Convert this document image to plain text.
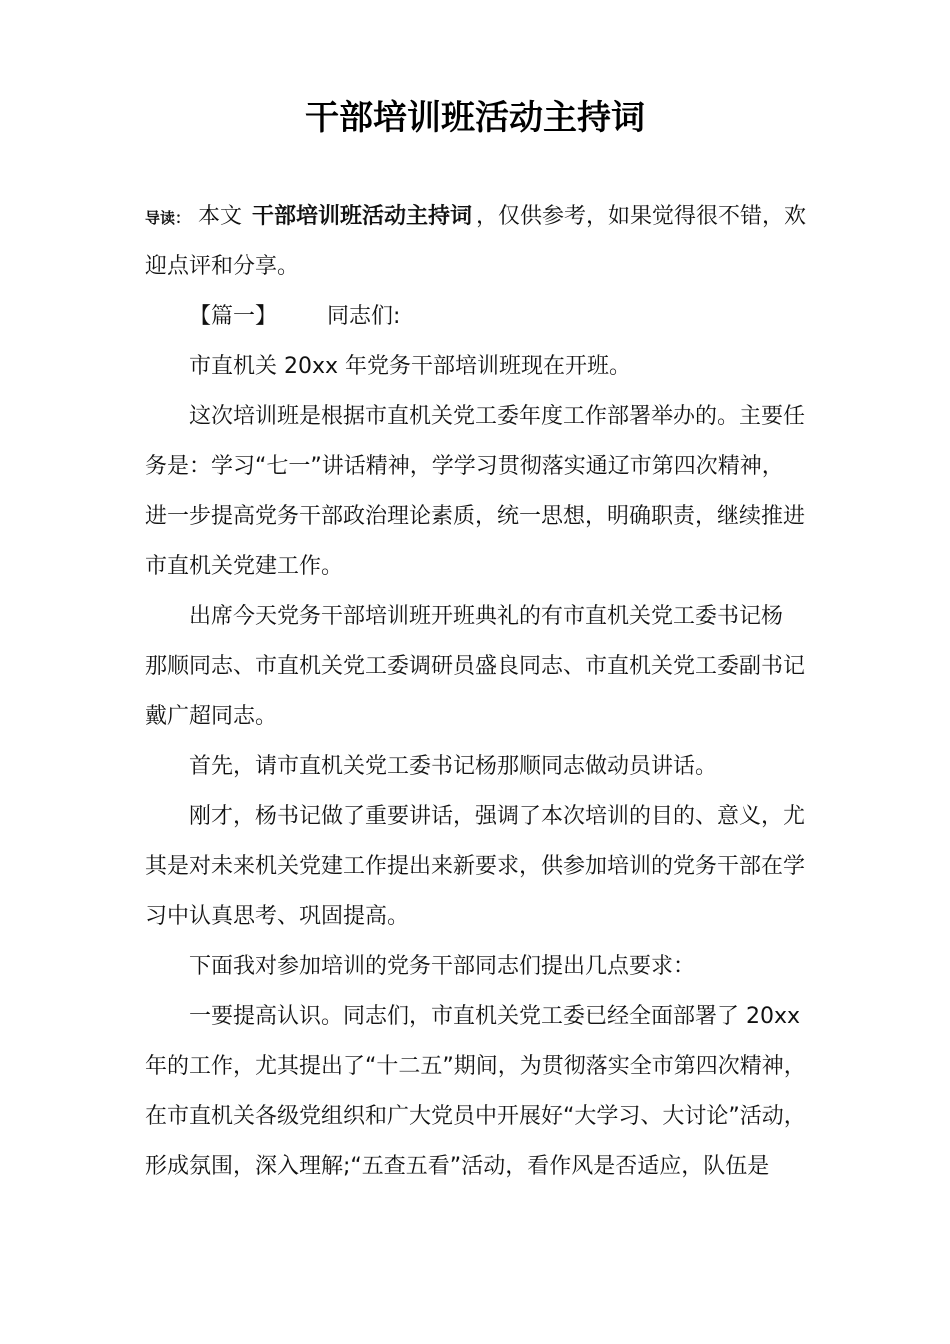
干部培训班活动主持词
导读： 本文 干部培训班活动主持词 ，仅供参考，如果觉得很不错，欢
迎点评和分享。
【篇一】 同志们:
市直机关 20xx 年党务干部培训班现在开班。
这次培训班是根据市直机关党工委年度工作部署举办的。主要任
务是：学习“七一”讲话精神，学学习贯彻落实通辽市第四次精神，
进一步提高党务干部政治理论素质，统一思想，明确职责，继续推进
市直机关党建工作。
出席今天党务干部培训班开班典礼的有市直机关党工委书记杨
那顺同志、市直机关党工委调研员盛良同志、市直机关党工委副书记
戴广超同志。
首先，请市直机关党工委书记杨那顺同志做动员讲话。
刚才，杨书记做了重要讲话，强调了本次培训的目的、意义，尤
其是对未来机关党建工作提出来新要求，供参加培训的党务干部在学
习中认真思考、巩固提高。
下面我对参加培训的党务干部同志们提出几点要求：
一要提高认识。同志们，市直机关党工委已经全面部署了 20xx
年的工作，尤其提出了“十二五”期间，为贯彻落实全市第四次精神，
在市直机关各级党组织和广大党员中开展好“大学习、大讨论”活动，
形成氛围，深入理解;“五查五看”活动，看作风是否适应，队伍是
